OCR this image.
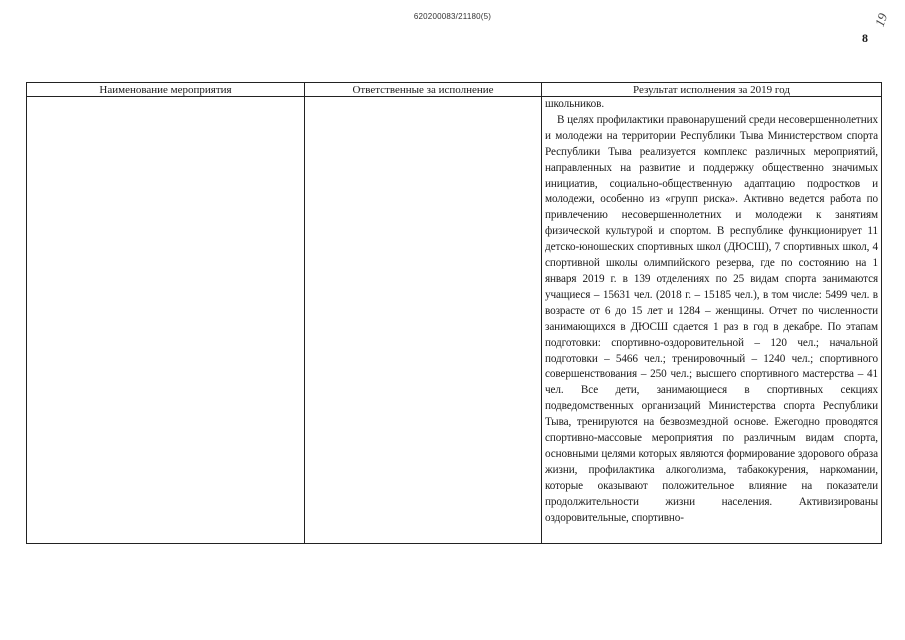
620200083/21180(5)
8
19
Наименование мероприятия	Ответственные за исполнение	Результат исполнения за 2019 год

		школьников.
В целях профилактики правонарушений среди несовершеннолетних и молодежи на территории Республики Тыва Министерством спорта Республики Тыва реализуется комплекс различных мероприятий, направленных на развитие и поддержку общественно значимых инициатив, социально-общественную адаптацию подростков и молодежи, особенно из «групп риска». Активно ведется работа по привлечению несовершеннолетних и молодежи к занятиям физической культурой и спортом. В республике функционирует 11 детско-юношеских спортивных школ (ДЮСШ), 7 спортивных школ, 4 спортивной школы олимпийского резерва, где по состоянию на 1 января 2019 г. в 139 отделениях по 25 видам спорта занимаются учащиеся – 15631 чел. (2018 г. – 15185 чел.), в том числе: 5499 чел. в возрасте от 6 до 15 лет и 1284 – женщины. Отчет по численности занимающихся в ДЮСШ сдается 1 раз в год в декабре. По этапам подготовки: спортивно-оздоровительной – 120 чел.; начальной подготовки – 5466 чел.; тренировочный – 1240 чел.; спортивного совершенствования – 250 чел.; высшего спортивного мастерства – 41 чел. Все дети, занимающиеся в спортивных секциях подведомственных организаций Министерства спорта Республики Тыва, тренируются на безвозмездной основе. Ежегодно проводятся спортивно-массовые мероприятия по различным видам спорта, основными целями которых являются формирование здорового образа жизни, профилактика алкоголизма, табакокурения, наркомании, которые оказывают положительное влияние на показатели продолжительности жизни населения. Активизированы оздоровительные, спортивно-
